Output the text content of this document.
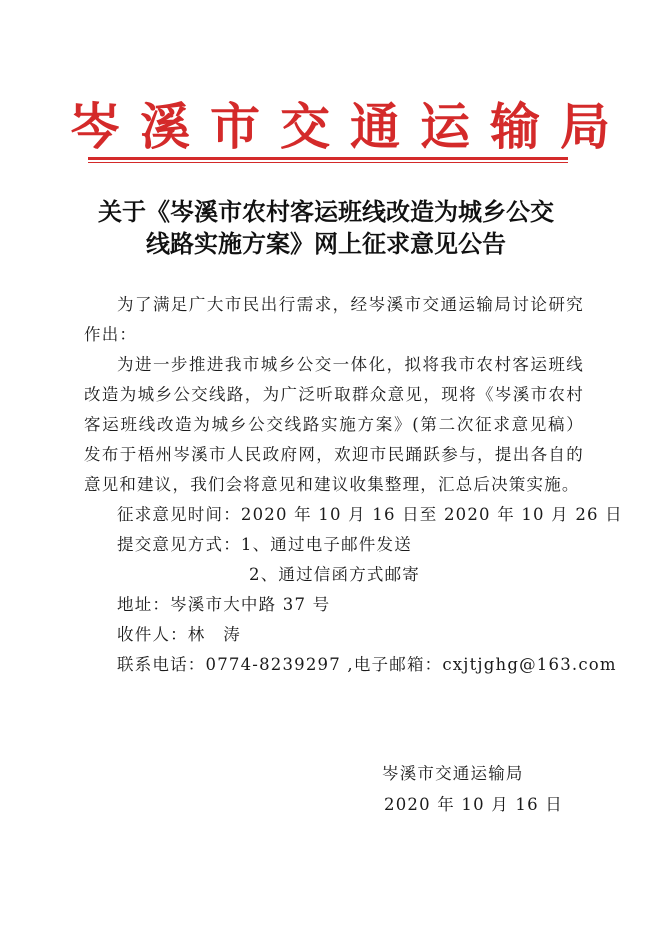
岑溪市交通运输局
关于《岑溪市农村客运班线改造为城乡公交
线路实施方案》网上征求意见公告

为了满足广大市民出行需求，经岑溪市交通运输局讨论研究作出：

为进一步推进我市城乡公交一体化，拟将我市农村客运班线改造为城乡公交线路，为广泛听取群众意见，现将《岑溪市农村客运班线改造为城乡公交线路实施方案》(第二次征求意见稿）发布于梧州岑溪市人民政府网，欢迎市民踊跃参与，提出各自的意见和建议，我们会将意见和建议收集整理，汇总后决策实施。

征求意见时间：2020 年 10 月 16 日至 2020 年 10 月 26 日

提交意见方式：1、通过电子邮件发送

2、通过信函方式邮寄

地址：岑溪市大中路 37 号

收件人：林　涛

联系电话：0774-8239297 ,电子邮箱：cxjtjghg@163.com

岑溪市交通运输局
2020 年 10 月 16 日
